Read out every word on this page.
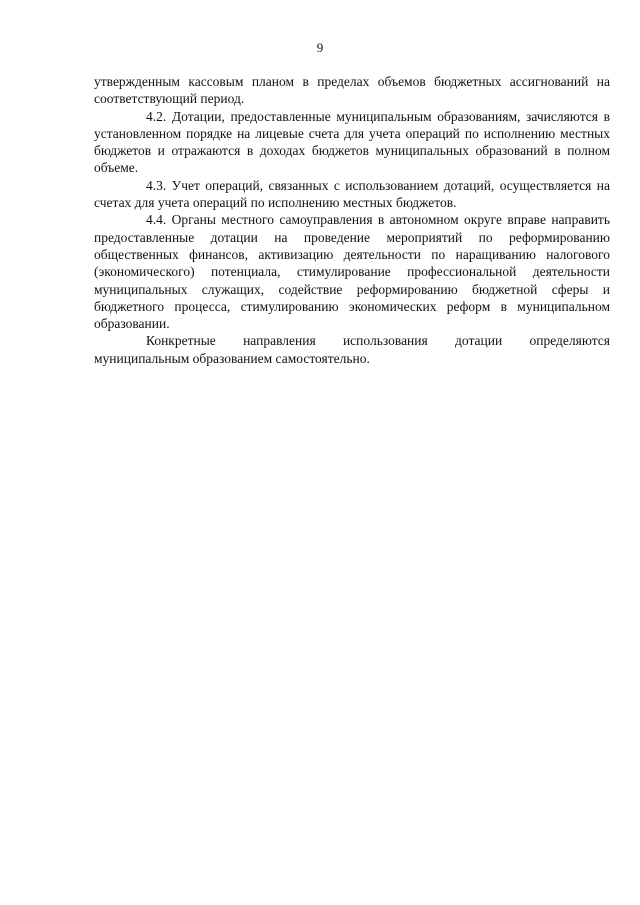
9

утвержденным кассовым планом в пределах объемов бюджетных ассигнований на соответствующий период.

4.2. Дотации, предоставленные муниципальным образованиям, зачисляются в установленном порядке на лицевые счета для учета операций по исполнению местных бюджетов и отражаются в доходах бюджетов муниципальных образований в полном объеме.

4.3. Учет операций, связанных с использованием дотаций, осуществляется на счетах для учета операций по исполнению местных бюджетов.

4.4. Органы местного самоуправления в автономном округе вправе направить предоставленные дотации на проведение мероприятий по реформированию общественных финансов, активизацию деятельности по наращиванию налогового (экономического) потенциала, стимулирование профессиональной деятельности муниципальных служащих, содействие реформированию бюджетной сферы и бюджетного процесса, стимулированию экономических реформ в муниципальном образовании.

Конкретные направления использования дотации определяются муниципальным образованием самостоятельно.
